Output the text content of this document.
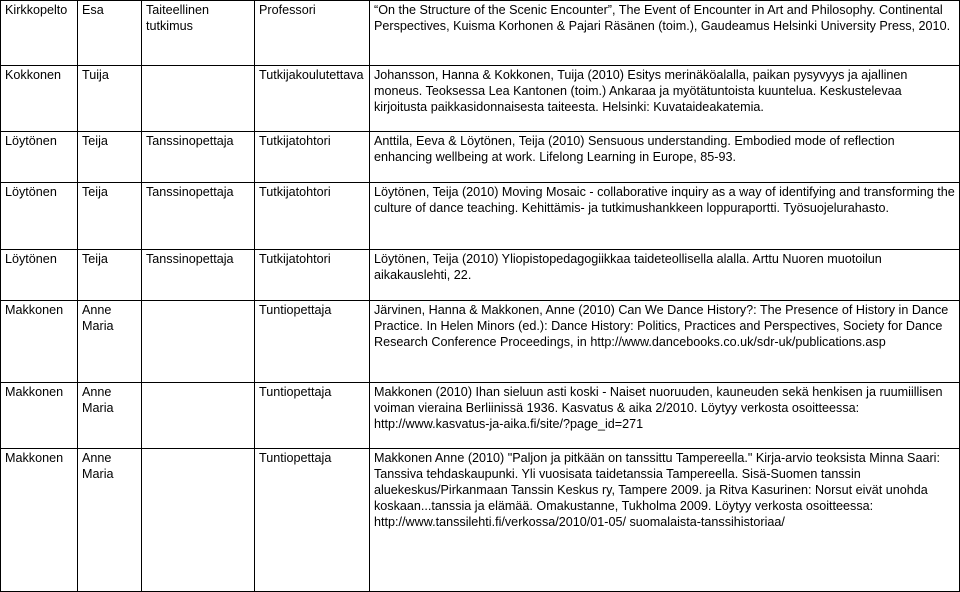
Kirkkopelto	Esa	Taiteellinen tutkimus	Professori	“On the Structure of the Scenic Encounter”, The Event of Encounter in Art and Philosophy. Continental Perspectives, Kuisma Korhonen & Pajari Räsänen (toim.), Gaudeamus Helsinki University Press, 2010.
Kokkonen	Tuija		Tutkijakoulutettava	Johansson, Hanna & Kokkonen, Tuija (2010) Esitys merinäköalalla, paikan pysyvyys ja ajallinen moneus. Teoksessa Lea Kantonen (toim.) Ankaraa ja myötätuntoista kuuntelua. Keskustelevaa kirjoitusta paikkasidonnaisesta taiteesta. Helsinki: Kuvataideakatemia.
Löytönen	Teija	Tanssinopettaja	Tutkijatohtori	Anttila, Eeva & Löytönen, Teija (2010) Sensuous understanding. Embodied mode of reflection enhancing wellbeing at work. Lifelong Learning in Europe, 85-93.
Löytönen	Teija	Tanssinopettaja	Tutkijatohtori	Löytönen, Teija (2010) Moving Mosaic - collaborative inquiry as a way of identifying and transforming the culture of dance teaching. Kehittämis- ja tutkimushankkeen loppuraportti. Työsuojelurahasto.
Löytönen	Teija	Tanssinopettaja	Tutkijatohtori	Löytönen, Teija (2010) Yliopistopedagogiikkaa taideteollisella alalla. Arttu Nuoren muotoilun aikakauslehti, 22.
Makkonen	Anne Maria		Tuntiopettaja	Järvinen, Hanna & Makkonen, Anne (2010) Can We Dance History?: The Presence of History in Dance Practice. In Helen Minors (ed.): Dance History: Politics, Practices and Perspectives, Society for Dance Research Conference Proceedings, in http://www.dancebooks.co.uk/sdr-uk/publications.asp
Makkonen	Anne Maria		Tuntiopettaja	Makkonen (2010) Ihan sieluun asti koski - Naiset nuoruuden, kauneuden sekä henkisen ja ruumiillisen voiman vieraina Berliinissä 1936. Kasvatus & aika 2/2010. Löytyy verkosta osoitteessa: http://www.kasvatus-ja-aika.fi/site/?page_id=271
Makkonen	Anne Maria		Tuntiopettaja	Makkonen Anne (2010) "Paljon ja pitkään on tanssittu Tampereella." Kirja-arvio teoksista Minna Saari: Tanssiva tehdaskaupunki. Yli vuosisata taidetanssia Tampereella. Sisä-Suomen tanssin aluekeskus/Pirkanmaan Tanssin Keskus ry, Tampere 2009. ja Ritva Kasurinen: Norsut eivät unohda koskaan...tanssia ja elämää. Omakustanne, Tukholma 2009. Löytyy verkosta osoitteessa: http://www.tanssilehti.fi/verkossa/2010/01-05/ suomalaista-tanssihistoriaa/
